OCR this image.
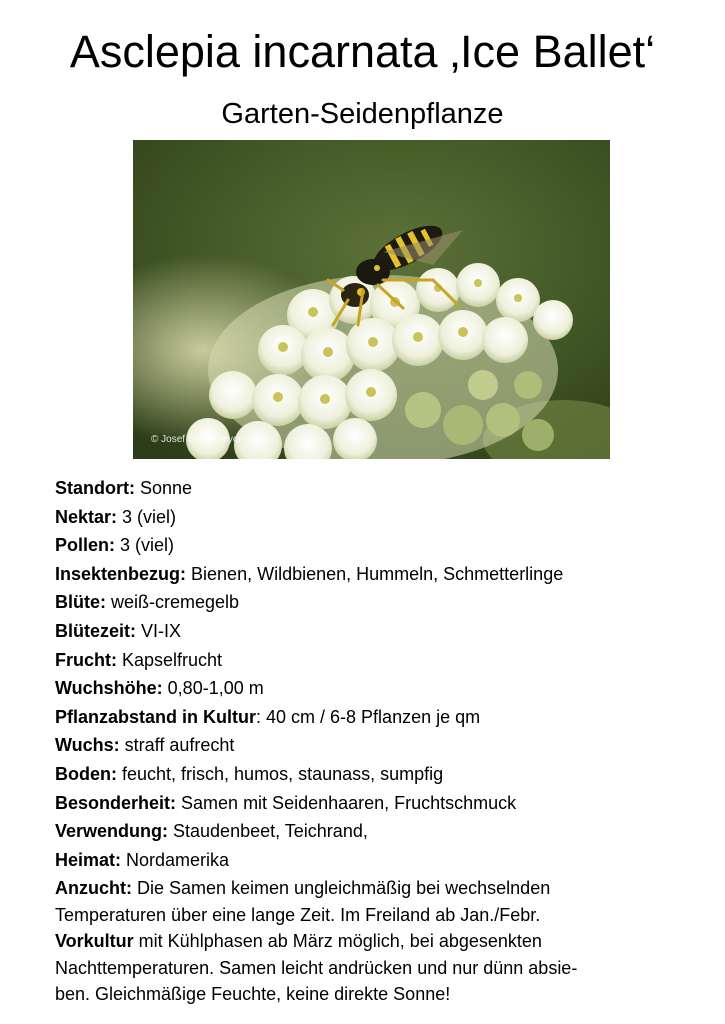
Asclepia incarnata ‚Ice Ballet‘
Garten-Seidenpflanze
© Josef Berkemeyer
Standort: Sonne
Nektar: 3 (viel)
Pollen: 3 (viel)
Insektenbezug: Bienen, Wildbienen, Hummeln, Schmetterlinge
Blüte: weiß-cremegelb
Blütezeit: VI-IX
Frucht: Kapselfrucht
Wuchshöhe: 0,80-1,00 m
Pflanzabstand in Kultur: 40 cm / 6-8 Pflanzen je qm
Wuchs: straff aufrecht
Boden: feucht, frisch, humos, staunass, sumpfig
Besonderheit: Samen mit Seidenhaaren, Fruchtschmuck
Verwendung: Staudenbeet, Teichrand,
Heimat: Nordamerika
Anzucht: Die Samen keimen ungleichmäßig bei wechselnden
Temperaturen über eine lange Zeit. Im Freiland ab Jan./Febr.
Vorkultur mit Kühlphasen ab März möglich, bei abgesenkten
Nachttemperaturen. Samen leicht andrücken und nur dünn absie-
ben. Gleichmäßige Feuchte, keine direkte Sonne!
